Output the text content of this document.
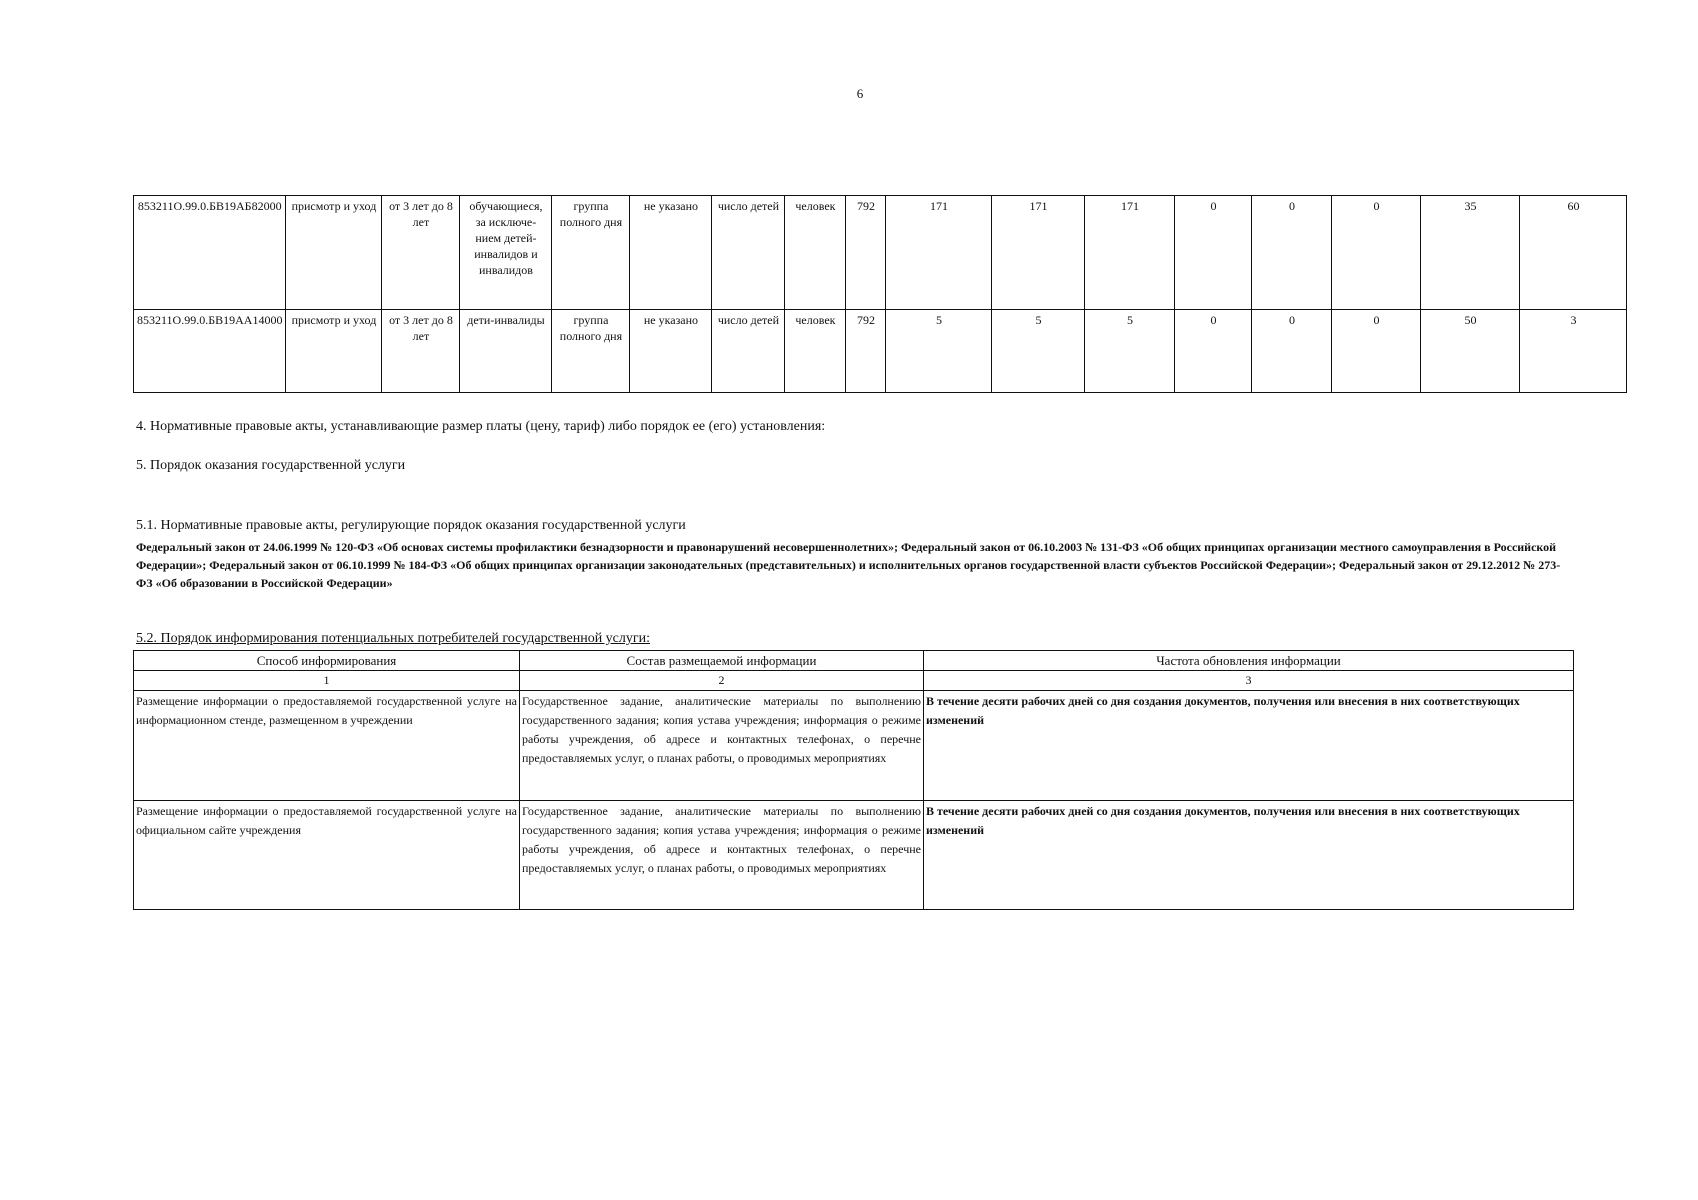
6
853211О.99.0.БВ19АБ82000	присмотр и уход	от 3 лет до 8 лет	обучающиеся, за исключе-нием детей-инвалидов и инвалидов	группа полного дня	не указано	число детей	человек	792	171	171	171	0	0	0	35	60
853211О.99.0.БВ19АА14000	присмотр и уход	от 3 лет до 8 лет	дети-инвалиды	группа полного дня	не указано	число детей	человек	792	5	5	5	0	0	0	50	3
4. Нормативные правовые акты, устанавливающие размер платы (цену, тариф) либо порядок ее (его) установления:
5. Порядок оказания государственной услуги
5.1. Нормативные правовые акты, регулирующие порядок оказания государственной услуги
Федеральный закон от 24.06.1999 № 120-ФЗ «Об основах системы профилактики безнадзорности и правонарушений несовершеннолетних»; Федеральный закон от 06.10.2003 № 131-ФЗ «Об общих принципах организации местного самоуправления в Российской Федерации»; Федеральный закон от 06.10.1999 № 184-ФЗ «Об общих принципах организации законодательных (представительных) и исполнительных органов государственной власти субъектов Российской Федерации»; Федеральный закон от 29.12.2012 № 273-ФЗ «Об образовании в Российской Федерации»
5.2. Порядок информирования потенциальных потребителей государственной услуги:
Способ информирования	Состав размещаемой информации	Частота обновления информации
1	2	3
Размещение информации о предоставляемой государственной услуге на информационном стенде, размещенном в учреждении	Государственное задание, аналитические материалы по выполнению государственного задания; копия устава учреждения; информация о режиме работы учреждения, об адресе и контактных телефонах, о перечне предоставляемых услуг, о планах работы, о проводимых мероприятиях	В течение десяти рабочих дней со дня создания документов, получения или внесения в них соответствующих изменений
Размещение информации о предоставляемой государственной услуге на официальном сайте учреждения	Государственное задание, аналитические материалы по выполнению государственного задания; копия устава учреждения; информация о режиме работы учреждения, об адресе и контактных телефонах, о перечне предоставляемых услуг, о планах работы, о проводимых мероприятиях	В течение десяти рабочих дней со дня создания документов, получения или внесения в них соответствующих изменений
